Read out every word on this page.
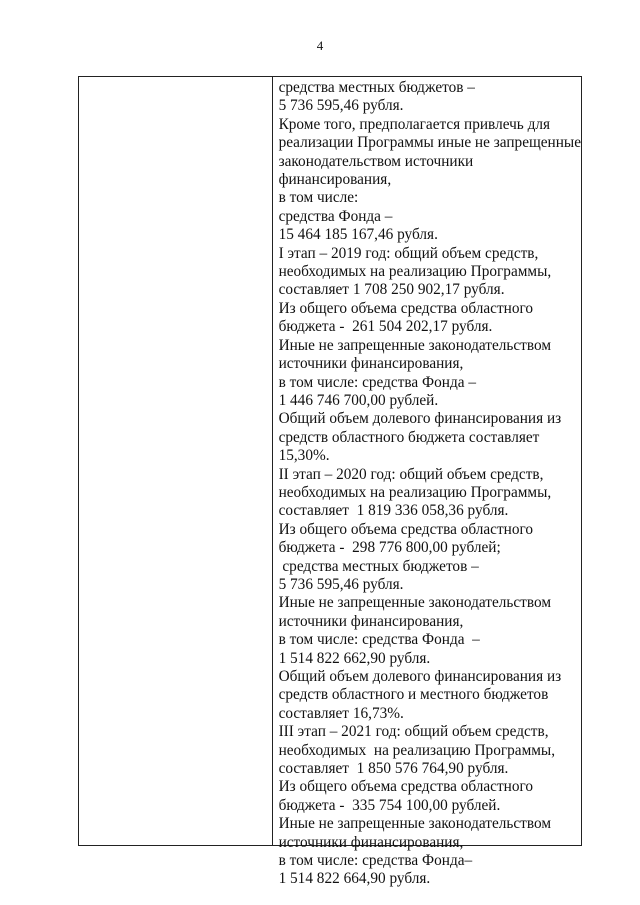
4
средства местных бюджетов –
5 736 595,46 рубля.
Кроме того, предполагается привлечь для
реализации Программы иные не запрещенные
законодательством источники
финансирования,
в том числе:
средства Фонда –
15 464 185 167,46 рубля.
I этап – 2019 год: общий объем средств,
необходимых на реализацию Программы,
составляет 1 708 250 902,17 рубля.
Из общего объема средства областного
бюджета -  261 504 202,17 рубля.
Иные не запрещенные законодательством
источники финансирования,
в том числе: средства Фонда –
1 446 746 700,00 рублей.
Общий объем долевого финансирования из
средств областного бюджета составляет
15,30%.
II этап – 2020 год: общий объем средств,
необходимых на реализацию Программы,
составляет  1 819 336 058,36 рубля.
Из общего объема средства областного
бюджета -  298 776 800,00 рублей;
средства местных бюджетов –
5 736 595,46 рубля.
Иные не запрещенные законодательством
источники финансирования,
в том числе: средства Фонда  –
1 514 822 662,90 рубля.
Общий объем долевого финансирования из
средств областного и местного бюджетов
составляет 16,73%.
III этап – 2021 год: общий объем средств,
необходимых  на реализацию Программы,
составляет  1 850 576 764,90 рубля.
Из общего объема средства областного
бюджета -  335 754 100,00 рублей.
Иные не запрещенные законодательством
источники финансирования,
в том числе: средства Фонда–
1 514 822 664,90 рубля.
